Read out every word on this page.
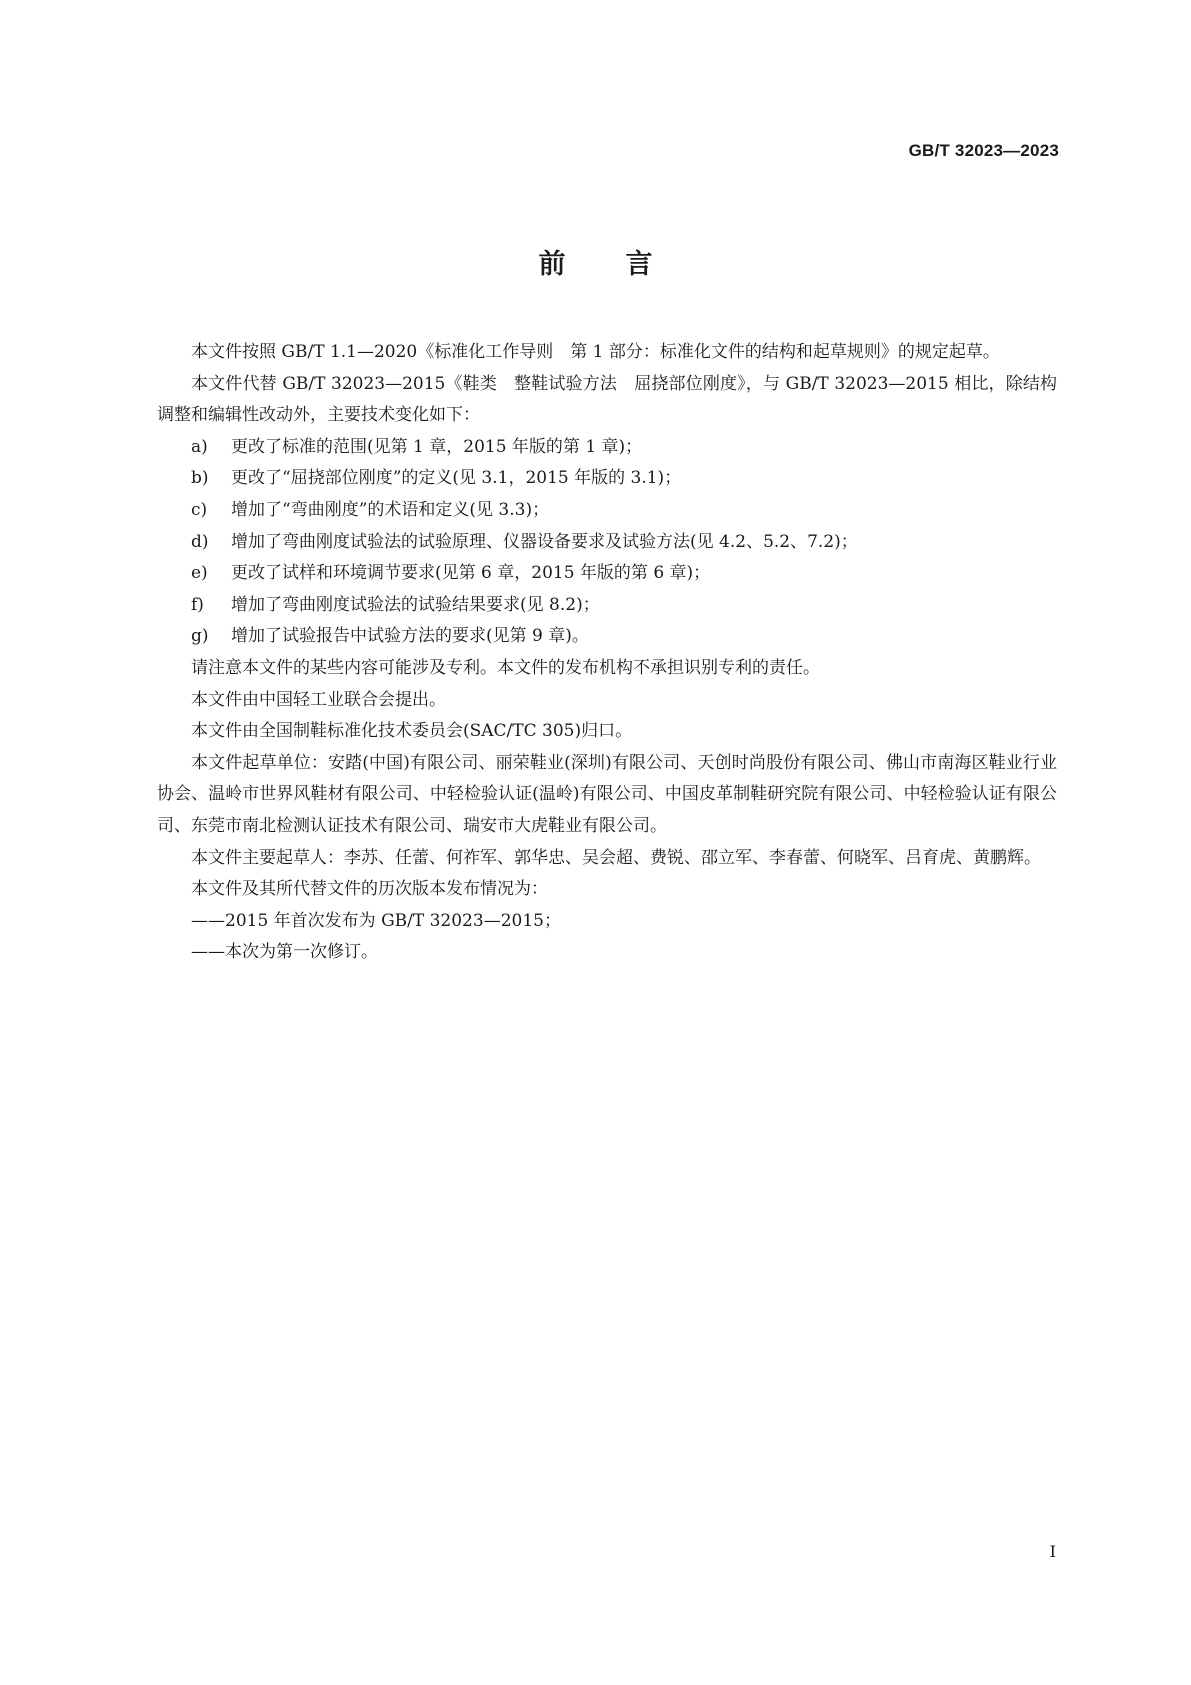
GB/T 32023—2023
前言

本文件按照 GB/T 1.1—2020《标准化工作导则　第 1 部分：标准化文件的结构和起草规则》的规定起草。

本文件代替 GB/T 32023—2015《鞋类　整鞋试验方法　屈挠部位刚度》，与 GB/T 32023—2015 相比，除结构调整和编辑性改动外，主要技术变化如下：

a) 更改了标准的范围(见第 1 章，2015 年版的第 1 章)；

b) 更改了“屈挠部位刚度”的定义(见 3.1，2015 年版的 3.1)；

c) 增加了“弯曲刚度”的术语和定义(见 3.3)；

d) 增加了弯曲刚度试验法的试验原理、仪器设备要求及试验方法(见 4.2、5.2、7.2)；

e) 更改了试样和环境调节要求(见第 6 章，2015 年版的第 6 章)；

f) 增加了弯曲刚度试验法的试验结果要求(见 8.2)；

g) 增加了试验报告中试验方法的要求(见第 9 章)。

请注意本文件的某些内容可能涉及专利。本文件的发布机构不承担识别专利的责任。

本文件由中国轻工业联合会提出。

本文件由全国制鞋标准化技术委员会(SAC/TC 305)归口。

本文件起草单位：安踏(中国)有限公司、丽荣鞋业(深圳)有限公司、天创时尚股份有限公司、佛山市南海区鞋业行业协会、温岭市世界风鞋材有限公司、中轻检验认证(温岭)有限公司、中国皮革制鞋研究院有限公司、中轻检验认证有限公司、东莞市南北检测认证技术有限公司、瑞安市大虎鞋业有限公司。

本文件主要起草人：李苏、任蕾、何祚军、郭华忠、吴会超、费锐、邵立军、李春蕾、何晓军、吕育虎、黄鹏辉。

本文件及其所代替文件的历次版本发布情况为：

——2015 年首次发布为 GB/T 32023—2015；

——本次为第一次修订。

I
